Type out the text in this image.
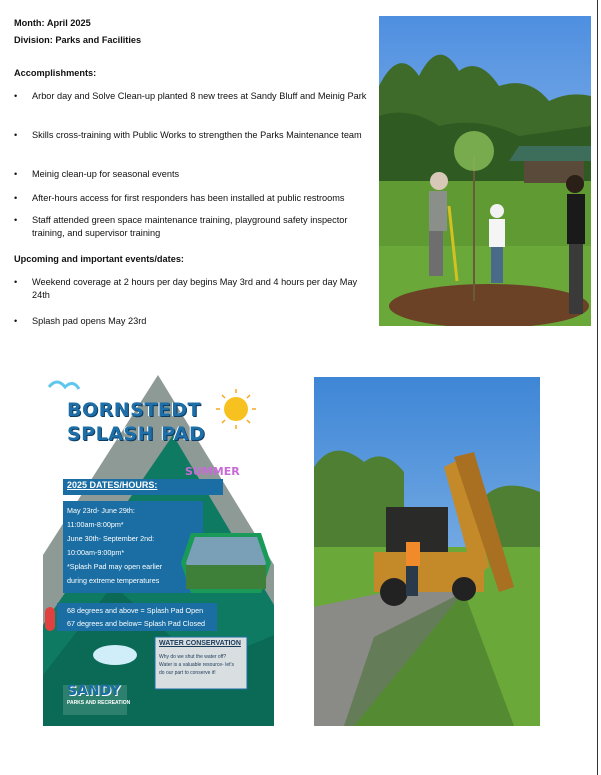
Month: April 2025
Division: Parks and Facilities
Accomplishments:
• Arbor day and Solve Clean-up planted 8 new trees at Sandy Bluff and Meinig Park
• Skills cross-training with Public Works to strengthen the Parks Maintenance team
• Meinig clean-up for seasonal events
• After-hours access for first responders has been installed at public restrooms
• Staff attended green space maintenance training, playground safety inspector training, and supervisor training
Upcoming and important events/dates:
• Weekend coverage at 2 hours per day begins May 3rd and 4 hours per day May 24th
• Splash pad opens May 23rd
BORNSTEDT
SPLASH PAD
SUMMER
2025 DATES/HOURS:
May 23rd- June 29th:
11:00am-8:00pm*
June 30th- September 2nd:
10:00am-9:00pm*
*Splash Pad may open earlier
during extreme temperatures
68 degrees and above = Splash Pad Open
67 degrees and below= Splash Pad Closed
WATER CONSERVATION
Why do we shut the water off?
Water is a valuable resource- let's
do our part to conserve it!
SANDY
PARKS AND RECREATION
